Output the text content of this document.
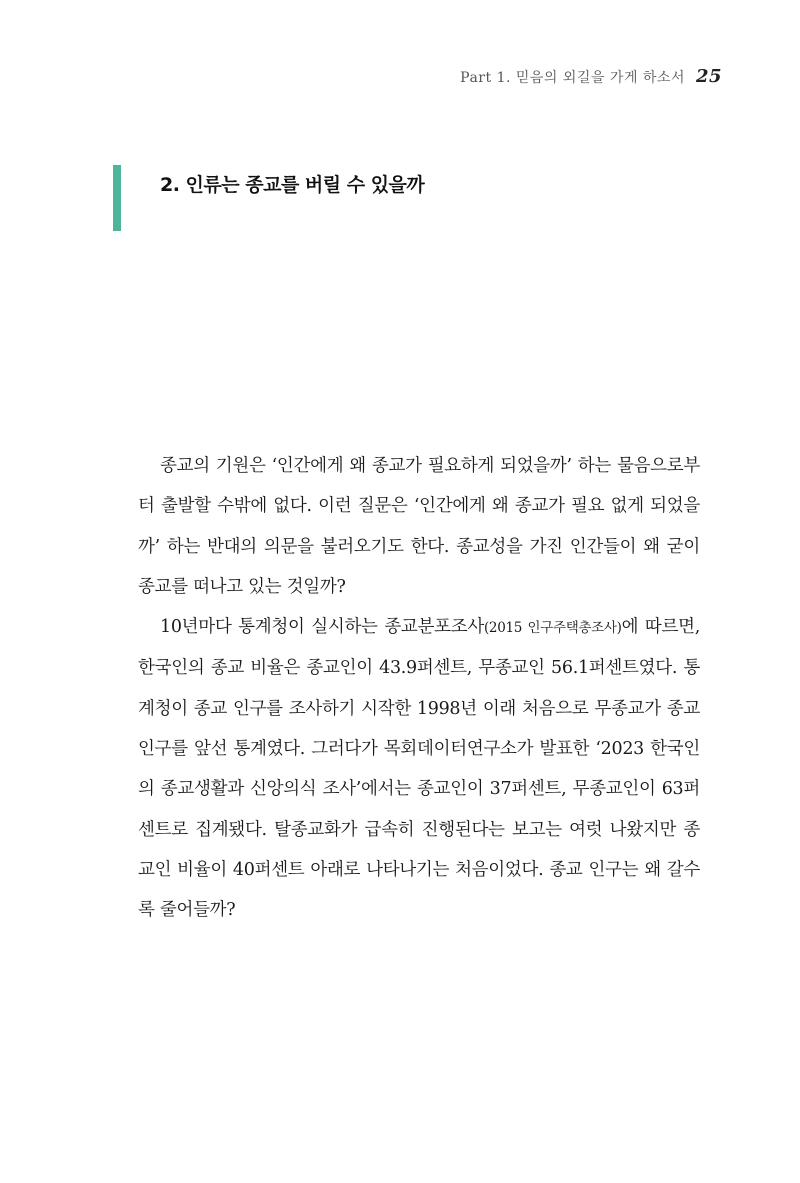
Part 1. 믿음의 외길을 가게 하소서 25
2. 인류는 종교를 버릴 수 있을까

종교의 기원은 ‘인간에게 왜 종교가 필요하게 되었을까’ 하는 물음으로부터 출발할 수밖에 없다. 이런 질문은 ‘인간에게 왜 종교가 필요 없게 되었을까’ 하는 반대의 의문을 불러오기도 한다. 종교성을 가진 인간들이 왜 굳이 종교를 떠나고 있는 것일까?

10년마다 통계청이 실시하는 종교분포조사(2015 인구주택총조사)에 따르면, 한국인의 종교 비율은 종교인이 43.9퍼센트, 무종교인 56.1퍼센트였다. 통계청이 종교 인구를 조사하기 시작한 1998년 이래 처음으로 무종교가 종교 인구를 앞선 통계였다. 그러다가 목회데이터연구소가 발표한 ‘2023 한국인의 종교생활과 신앙의식 조사’에서는 종교인이 37퍼센트, 무종교인이 63퍼센트로 집계됐다. 탈종교화가 급속히 진행된다는 보고는 여럿 나왔지만 종교인 비율이 40퍼센트 아래로 나타나기는 처음이었다. 종교 인구는 왜 갈수록 줄어들까?
